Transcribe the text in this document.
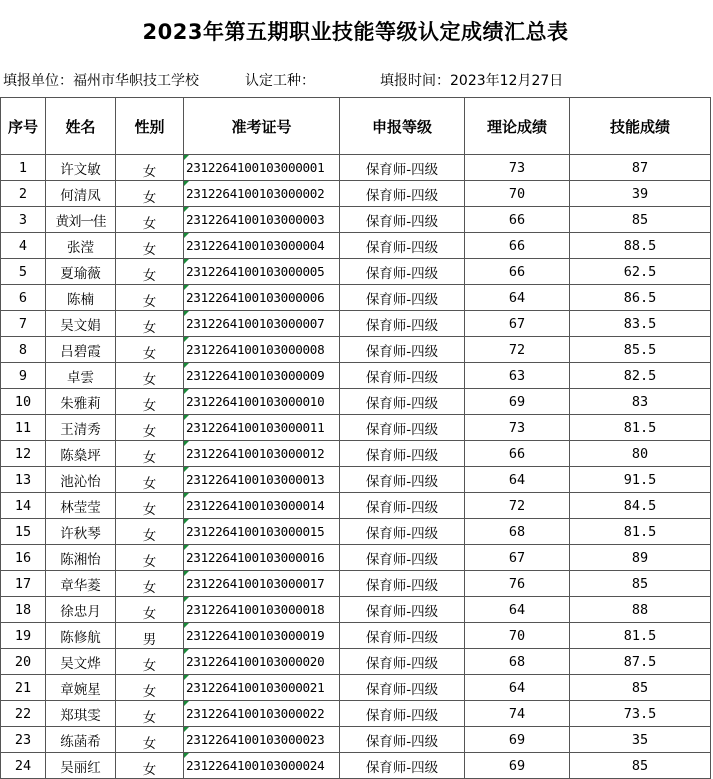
2023年第五期职业技能等级认定成绩汇总表
填报单位：福州市华帜技工学校	认定工种：	填报时间：2023年12月27日
序号	姓名	性别	准考证号	申报等级	理论成绩	技能成绩
1	许文敏	女	2312264100103000001	保育师-四级	73	87
2	何清凤	女	2312264100103000002	保育师-四级	70	39
3	黄刘一佳	女	2312264100103000003	保育师-四级	66	85
4	张滢	女	2312264100103000004	保育师-四级	66	88.5
5	夏瑜薇	女	2312264100103000005	保育师-四级	66	62.5
6	陈楠	女	2312264100103000006	保育师-四级	64	86.5
7	吴文娟	女	2312264100103000007	保育师-四级	67	83.5
8	吕碧霞	女	2312264100103000008	保育师-四级	72	85.5
9	卓雲	女	2312264100103000009	保育师-四级	63	82.5
10	朱雅莉	女	2312264100103000010	保育师-四级	69	83
11	王清秀	女	2312264100103000011	保育师-四级	73	81.5
12	陈燊坪	女	2312264100103000012	保育师-四级	66	80
13	池沁怡	女	2312264100103000013	保育师-四级	64	91.5
14	林莹莹	女	2312264100103000014	保育师-四级	72	84.5
15	许秋琴	女	2312264100103000015	保育师-四级	68	81.5
16	陈湘怡	女	2312264100103000016	保育师-四级	67	89
17	章华菱	女	2312264100103000017	保育师-四级	76	85
18	徐忠月	女	2312264100103000018	保育师-四级	64	88
19	陈修航	男	2312264100103000019	保育师-四级	70	81.5
20	吴文烨	女	2312264100103000020	保育师-四级	68	87.5
21	章婉星	女	2312264100103000021	保育师-四级	64	85
22	郑琪雯	女	2312264100103000022	保育师-四级	74	73.5
23	练菡希	女	2312264100103000023	保育师-四级	69	35
24	吴丽红	女	2312264100103000024	保育师-四级	69	85
